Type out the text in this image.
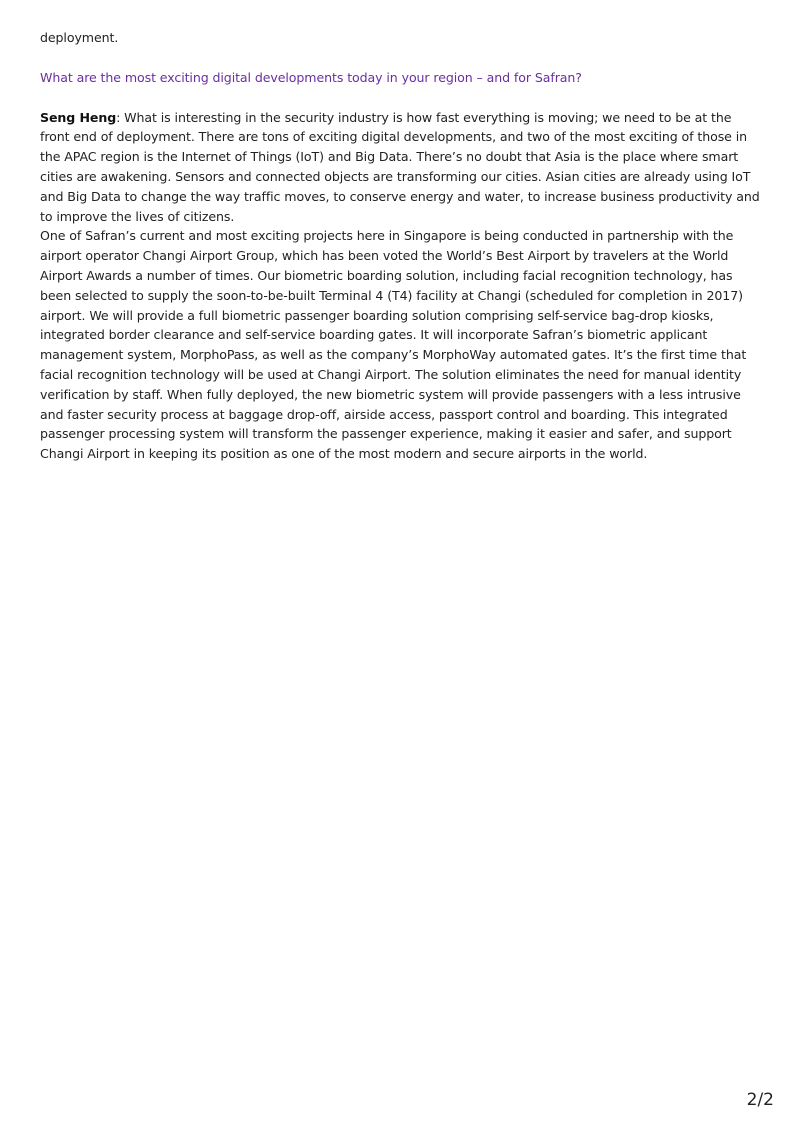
deployment.

What are the most exciting digital developments today in your region – and for Safran?

Seng Heng: What is interesting in the security industry is how fast everything is moving; we need to be at the front end of deployment. There are tons of exciting digital developments, and two of the most exciting of those in the APAC region is the Internet of Things (IoT) and Big Data. There’s no doubt that Asia is the place where smart cities are awakening. Sensors and connected objects are transforming our cities. Asian cities are already using IoT and Big Data to change the way traffic moves, to conserve energy and water, to increase business productivity and to improve the lives of citizens.

One of Safran’s current and most exciting projects here in Singapore is being conducted in partnership with the airport operator Changi Airport Group, which has been voted the World’s Best Airport by travelers at the World Airport Awards a number of times. Our biometric boarding solution, including facial recognition technology, has been selected to supply the soon-to-be-built Terminal 4 (T4) facility at Changi (scheduled for completion in 2017) airport. We will provide a full biometric passenger boarding solution comprising self-service bag-drop kiosks, integrated border clearance and self-service boarding gates. It will incorporate Safran’s biometric applicant management system, MorphoPass, as well as the company’s MorphoWay automated gates. It’s the first time that facial recognition technology will be used at Changi Airport. The solution eliminates the need for manual identity verification by staff. When fully deployed, the new biometric system will provide passengers with a less intrusive and faster security process at baggage drop-off, airside access, passport control and boarding. This integrated passenger processing system will transform the passenger experience, making it easier and safer, and support Changi Airport in keeping its position as one of the most modern and secure airports in the world.

2/2
